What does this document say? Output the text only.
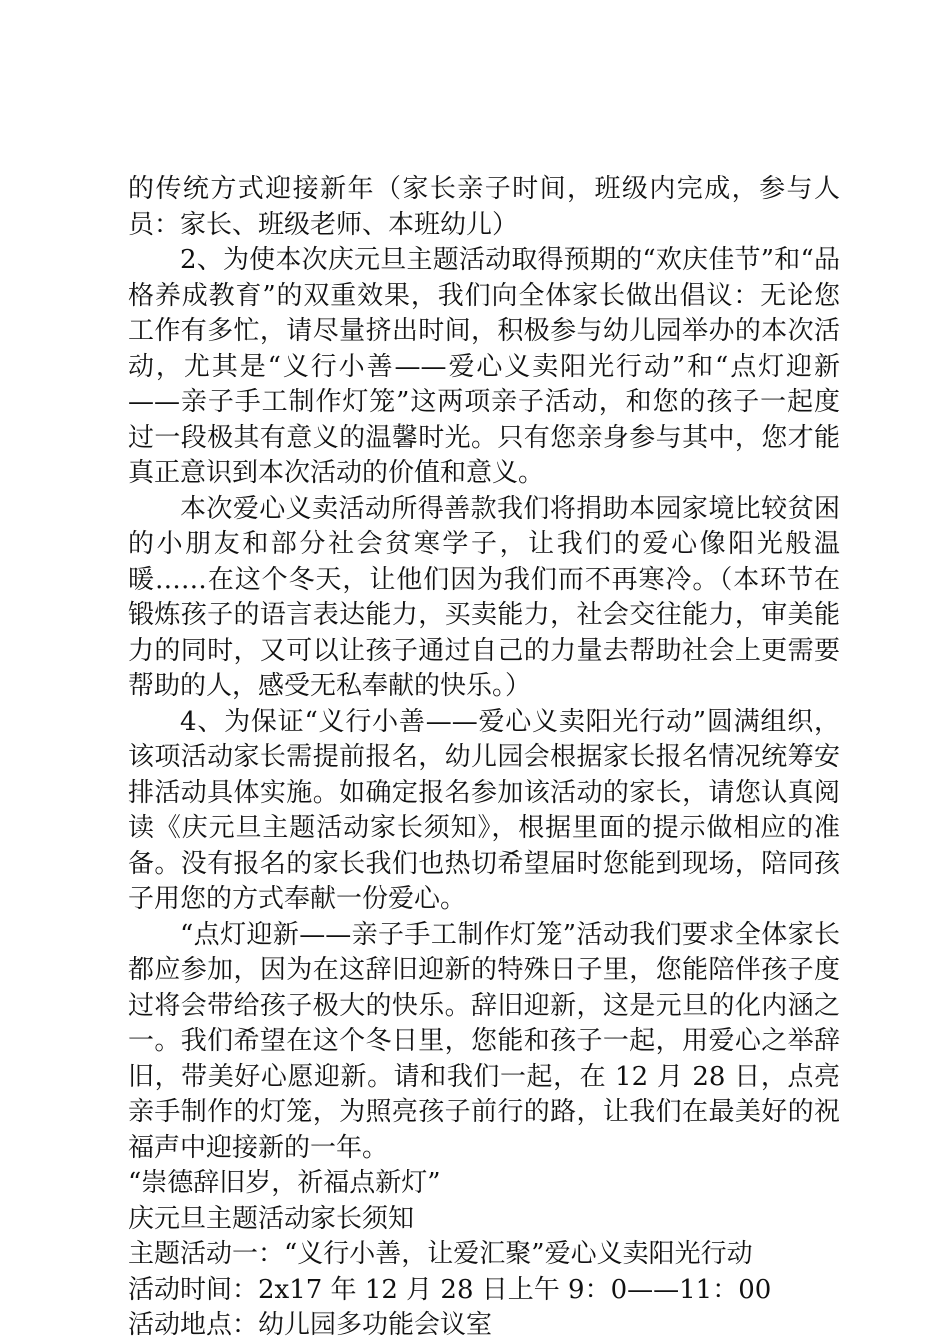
的传统方式迎接新年（家长亲子时间，班级内完成，参与人员：家长、班级老师、本班幼儿）

2、为使本次庆元旦主题活动取得预期的“欢庆佳节”和“品格养成教育”的双重效果，我们向全体家长做出倡议：无论您工作有多忙，请尽量挤出时间，积极参与幼儿园举办的本次活动，尤其是“义行小善——爱心义卖阳光行动”和“点灯迎新——亲子手工制作灯笼”这两项亲子活动，和您的孩子一起度过一段极其有意义的温馨时光。只有您亲身参与其中，您才能真正意识到本次活动的价值和意义。

本次爱心义卖活动所得善款我们将捐助本园家境比较贫困的小朋友和部分社会贫寒学子，让我们的爱心像阳光般温暖……在这个冬天，让他们因为我们而不再寒冷。（本环节在锻炼孩子的语言表达能力，买卖能力，社会交往能力，审美能力的同时，又可以让孩子通过自己的力量去帮助社会上更需要帮助的人，感受无私奉献的快乐。）

4、为保证“义行小善——爱心义卖阳光行动”圆满组织，该项活动家长需提前报名，幼儿园会根据家长报名情况统筹安排活动具体实施。如确定报名参加该活动的家长，请您认真阅读《庆元旦主题活动家长须知》，根据里面的提示做相应的准备。没有报名的家长我们也热切希望届时您能到现场，陪同孩子用您的方式奉献一份爱心。

“点灯迎新——亲子手工制作灯笼”活动我们要求全体家长都应参加，因为在这辞旧迎新的特殊日子里，您能陪伴孩子度过将会带给孩子极大的快乐。辞旧迎新，这是元旦的化内涵之一。我们希望在这个冬日里，您能和孩子一起，用爱心之举辞旧，带美好心愿迎新。请和我们一起，在 12 月 28 日，点亮亲手制作的灯笼，为照亮孩子前行的路，让我们在最美好的祝福声中迎接新的一年。

“崇德辞旧岁，祈福点新灯”

庆元旦主题活动家长须知

主题活动一：“义行小善，让爱汇聚”爱心义卖阳光行动

活动时间：2x17 年 12 月 28 日上午 9：0——11：00

活动地点：幼儿园多功能会议室
